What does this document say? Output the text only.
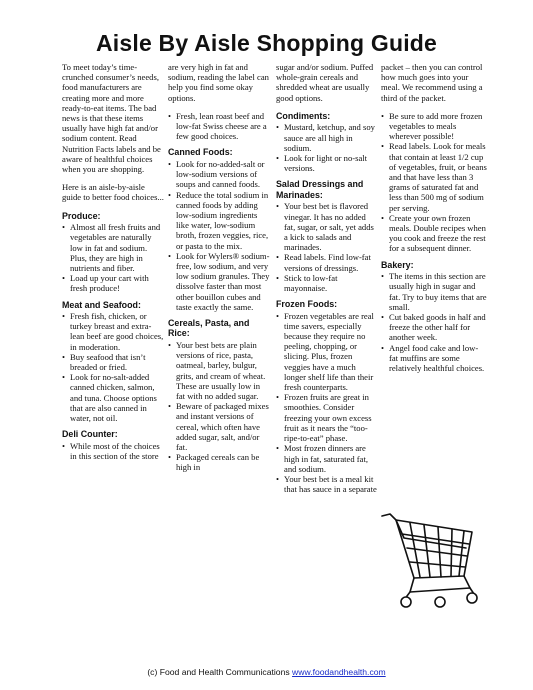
Aisle By Aisle Shopping Guide

To meet today’s time-crunched consumer’s needs, food manufacturers are creating more and more ready-to-eat items. The bad news is that these items usually have high fat and/or sodium content. Read Nutrition Facts labels and be aware of healthful choices when you are shopping.

Here is an aisle-by-aisle guide to better food choices...

Produce:
• Almost all fresh fruits and vegetables are naturally low in fat and sodium. Plus, they are high in nutrients and fiber.
• Load up your cart with fresh produce!
Meat and Seafood:
• Fresh fish, chicken, or turkey breast and extra-lean beef are good choices, in moderation.
• Buy seafood that isn’t breaded or fried.
• Look for no-salt-added canned chicken, salmon, and tuna. Choose options that are also canned in water, not oil.
Deli Counter:
• While most of the choices in this section of the store

are very high in fat and sodium, reading the label can help you find some okay options.

• Fresh, lean roast beef and low-fat Swiss cheese are a few good choices.
Canned Foods:
• Look for no-added-salt or low-sodium versions of soups and canned foods.
• Reduce the total sodium in canned foods by adding low-sodium ingredients like water, low-sodium broth, frozen veggies, rice, or pasta to the mix.
• Look for Wylers® sodium-free, low sodium, and very low sodium granules. They dissolve faster than most other bouillon cubes and taste exactly the same.
Cereals, Pasta, and Rice:
• Your best bets are plain versions of rice, pasta, oatmeal, barley, bulgur, grits, and cream of wheat. These are usually low in fat with no added sugar.
• Beware of packaged mixes and instant versions of cereal, which often have added sugar, salt, and/or fat.
• Packaged cereals can be high in

sugar and/or sodium. Puffed whole-grain cereals and shredded wheat are usually good options.

Condiments:
• Mustard, ketchup, and soy sauce are all high in sodium.
• Look for light or no-salt versions.
Salad Dressings and Marinades:
• Your best bet is flavored vinegar. It has no added fat, sugar, or salt, yet adds a kick to salads and marinades.
• Read labels. Find low-fat versions of dressings.
• Stick to low-fat mayonnaise.
Frozen Foods:
• Frozen vegetables are real time savers, especially because they require no peeling, chopping, or slicing. Plus, frozen veggies have a much longer shelf life than their fresh counterparts.
• Frozen fruits are great in smoothies. Consider freezing your own excess fruit as it nears the “too-ripe-to-eat” phase.
• Most frozen dinners are high in fat, saturated fat, and sodium.
• Your best bet is a meal kit that has sauce in a separate

packet – then you can control how much goes into your meal. We recommend using a third of the packet.

• Be sure to add more frozen vegetables to meals wherever possible!
• Read labels. Look for meals that contain at least 1/2 cup of vegetables, fruit, or beans and that have less than 3 grams of saturated fat and less than 500 mg of sodium per serving.
• Create your own frozen meals. Double recipes when you cook and freeze the rest for a subsequent dinner.
Bakery:
• The items in this section are usually high in sugar and fat. Try to buy items that are small.
• Cut baked goods in half and freeze the other half for another week.
• Angel food cake and low-fat muffins are some relatively healthful choices.
(c) Food and Health Communications www.foodandhealth.com
